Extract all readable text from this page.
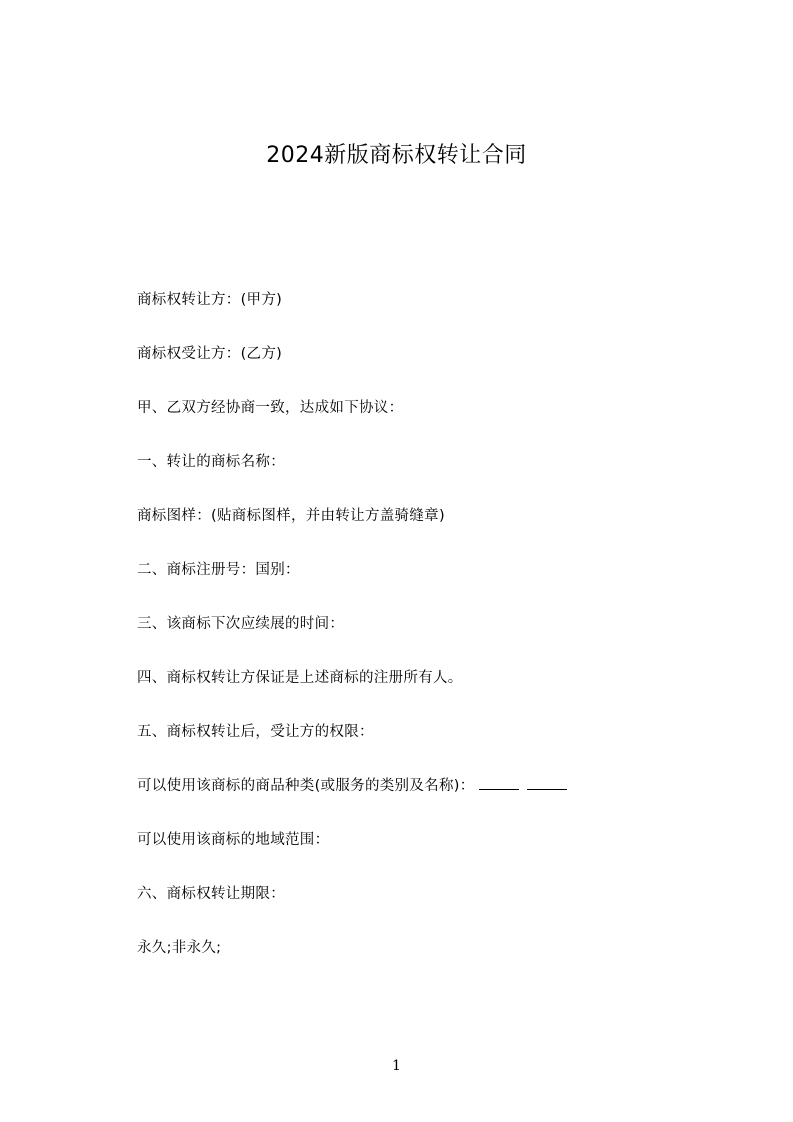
2024新版商标权转让合同
商标权转让方：(甲方)
商标权受让方：(乙方)
甲、乙双方经协商一致，达成如下协议：
一、转让的商标名称：
商标图样：(贴商标图样，并由转让方盖骑缝章)
二、商标注册号：国别：
三、该商标下次应续展的时间：
四、商标权转让方保证是上述商标的注册所有人。
五、商标权转让后，受让方的权限：
可以使用该商标的商品种类(或服务的类别及名称)：
可以使用该商标的地域范围：
六、商标权转让期限：
永久;非永久;
1
